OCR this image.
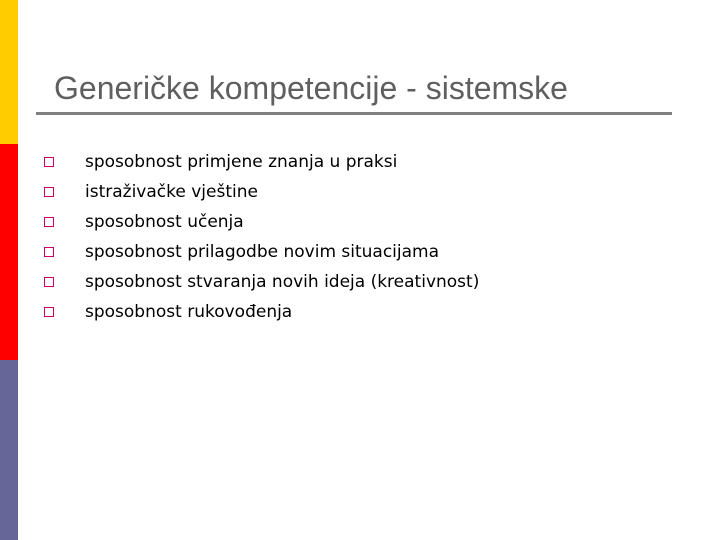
Generičke kompetencije - sistemske
sposobnost primjene znanja u praksi
istraživačke vještine
sposobnost učenja
sposobnost prilagodbe novim situacijama
sposobnost stvaranja novih ideja (kreativnost)
sposobnost rukovođenja
